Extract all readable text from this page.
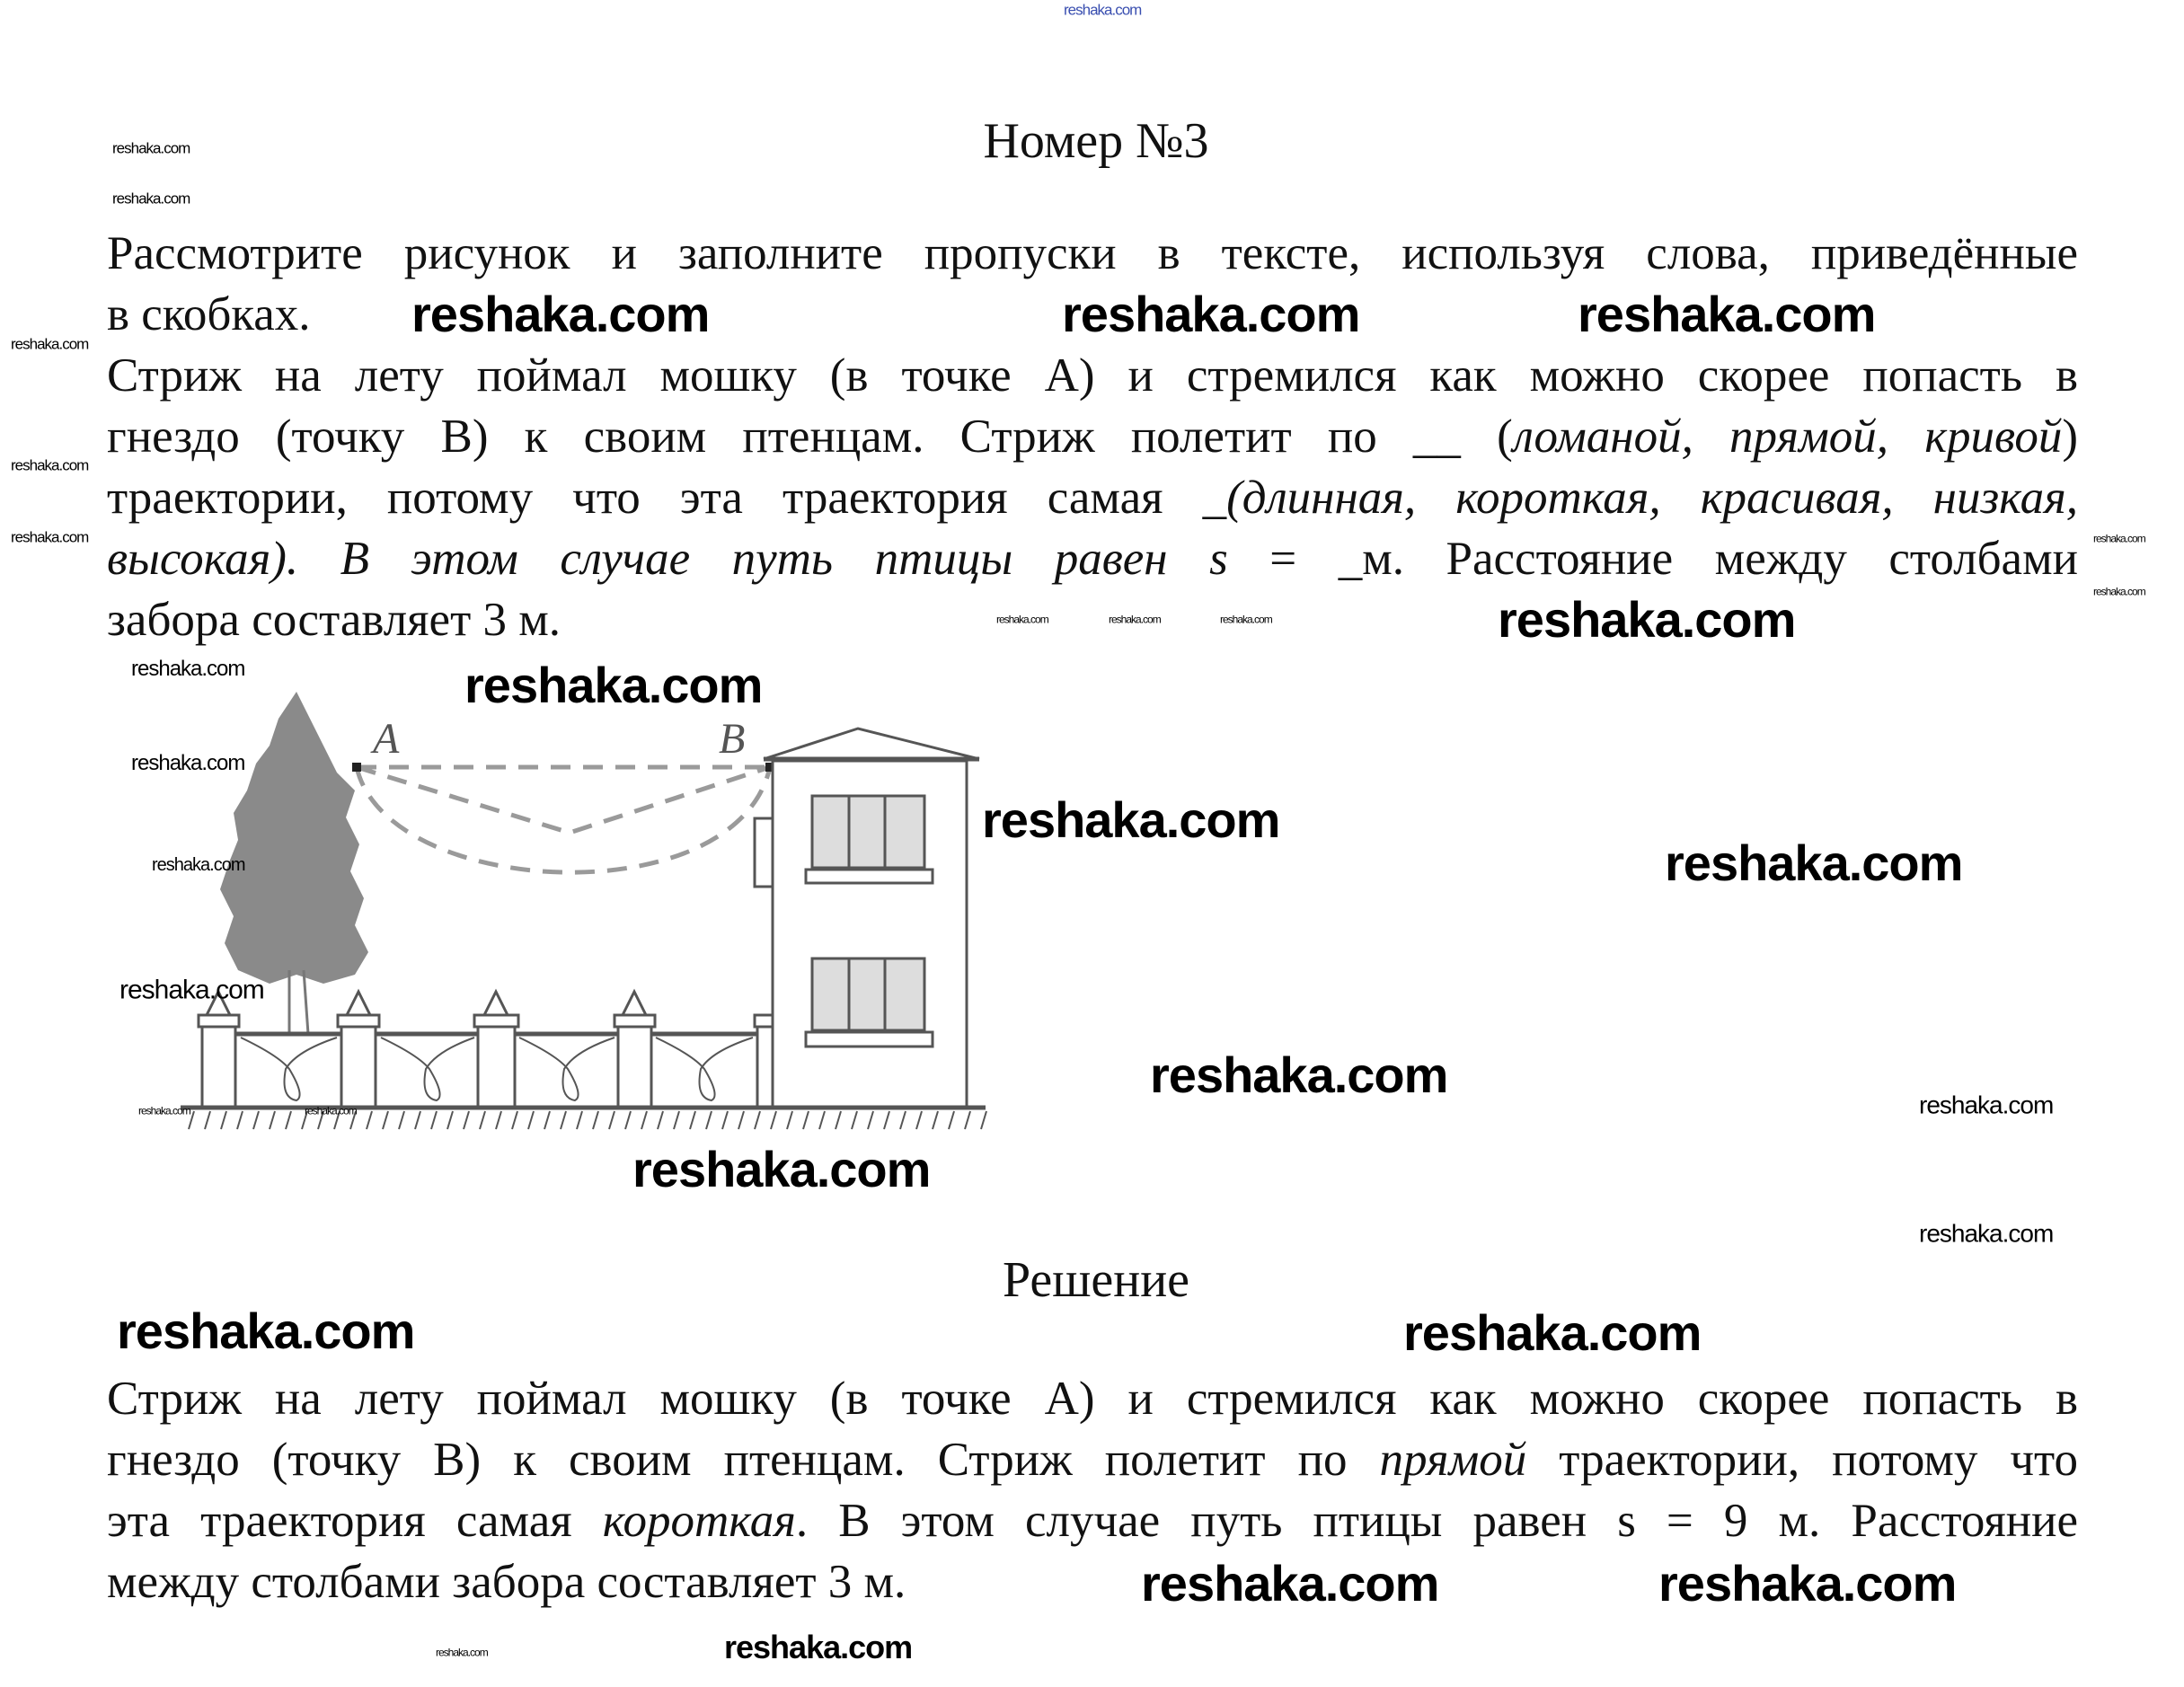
A	B
Номер №3
Рассмотрите рисунок и заполните пропуски в тексте, используя слова, приведённые
в скобках.
Стриж на лету поймал мошку (в точке А) и стремился как можно скорее попасть в
гнездо (точку В) к своим птенцам. Стриж полетит по __ (ломаной, прямой, кривой)
траектории, потому что эта траектория самая _(длинная, короткая, красивая, низкая,
высокая). В этом случае путь птицы равен s = _м. Расстояние между столбами
забора составляет 3 м.
Решение
Стриж на лету поймал мошку (в точке А) и стремился как можно скорее попасть в
гнездо (точку В) к своим птенцам. Стриж полетит по прямой траектории, потому что
эта траектория самая короткая. В этом случае путь птицы равен s = 9 м. Расстояние
между столбами забора составляет 3 м.
reshaka.com
reshaka.com	reshaka.com	reshaka.com
reshaka.com
reshaka.com
reshaka.com
reshaka.com
reshaka.com
reshaka.com
reshaka.com
reshaka.com
reshaka.com	reshaka.com
reshaka.com
reshaka.com
reshaka.com
reshaka.com
reshaka.com
reshaka.com
reshaka.com
reshaka.com
reshaka.com
reshaka.com
reshaka.com
reshaka.com
reshaka.com	reshaka.com	reshaka.com
reshaka.com
reshaka.com
reshaka.com	reshaka.com
reshaka.com
